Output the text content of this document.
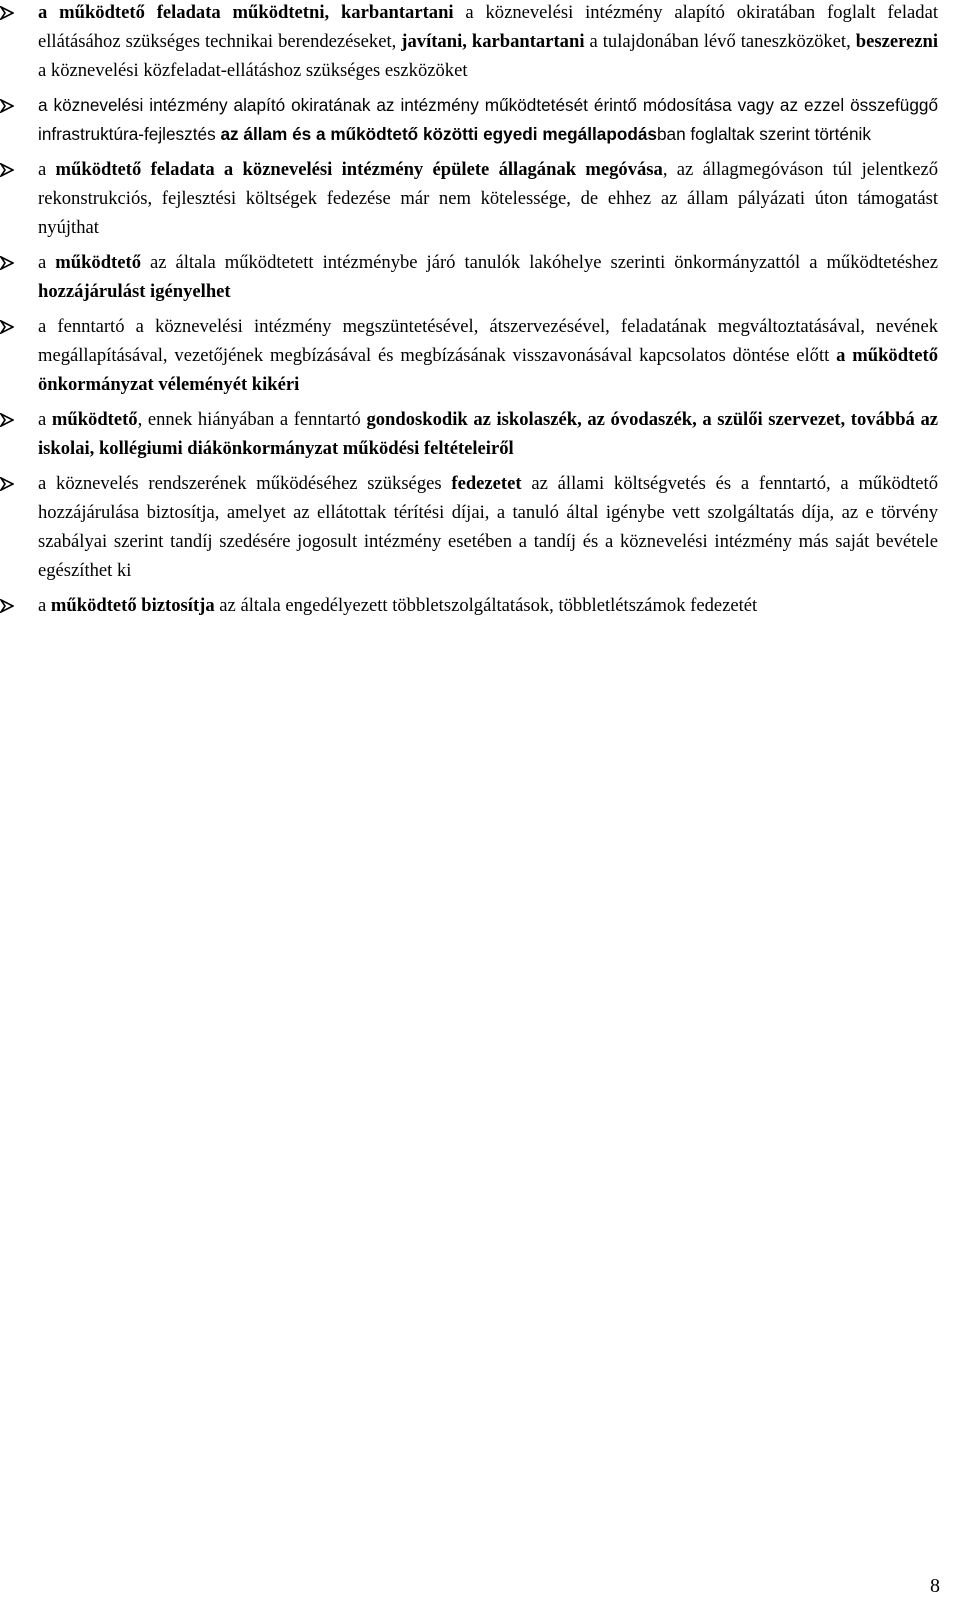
a működtető feladata működtetni, karbantartani a köznevelési intézmény alapító okiratában foglalt feladat ellátásához szükséges technikai berendezéseket, javítani, karbantartani a tulajdonában lévő taneszközöket, beszerezni a köznevelési közfeladat-ellátáshoz szükséges eszközöket
a köznevelési intézmény alapító okiratának az intézmény működtetését érintő módosítása vagy az ezzel összefüggő infrastruktúra-fejlesztés az állam és a működtető közötti egyedi megállapodásban foglaltak szerint történik
a működtető feladata a köznevelési intézmény épülete állagának megóvása, az állagmegóváson túl jelentkező rekonstrukciós, fejlesztési költségek fedezése már nem kötelessége, de ehhez az állam pályázati úton támogatást nyújthat
a működtető az általa működtetett intézménybe járó tanulók lakóhelye szerinti önkormányzattól a működtetéshez hozzájárulást igényelhet
a fenntartó a köznevelési intézmény megszüntetésével, átszervezésével, feladatának megváltoztatásával, nevének megállapításával, vezetőjének megbízásával és megbízásának visszavonásával kapcsolatos döntése előtt a működtető önkormányzat véleményét kikéri
a működtető, ennek hiányában a fenntartó gondoskodik az iskolaszék, az óvodaszék, a szülői szervezet, továbbá az iskolai, kollégiumi diákönkormányzat működési feltételeiről
a köznevelés rendszerének működéséhez szükséges fedezetet az állami költségvetés és a fenntartó, a működtető hozzájárulása biztosítja, amelyet az ellátottak térítési díjai, a tanuló által igénybe vett szolgáltatás díja, az e törvény szabályai szerint tandíj szedésére jogosult intézmény esetében a tandíj és a köznevelési intézmény más saját bevétele egészíthet ki
a működtető biztosítja az általa engedélyezett többletszolgáltatások, többletlétszámok fedezetét
8
